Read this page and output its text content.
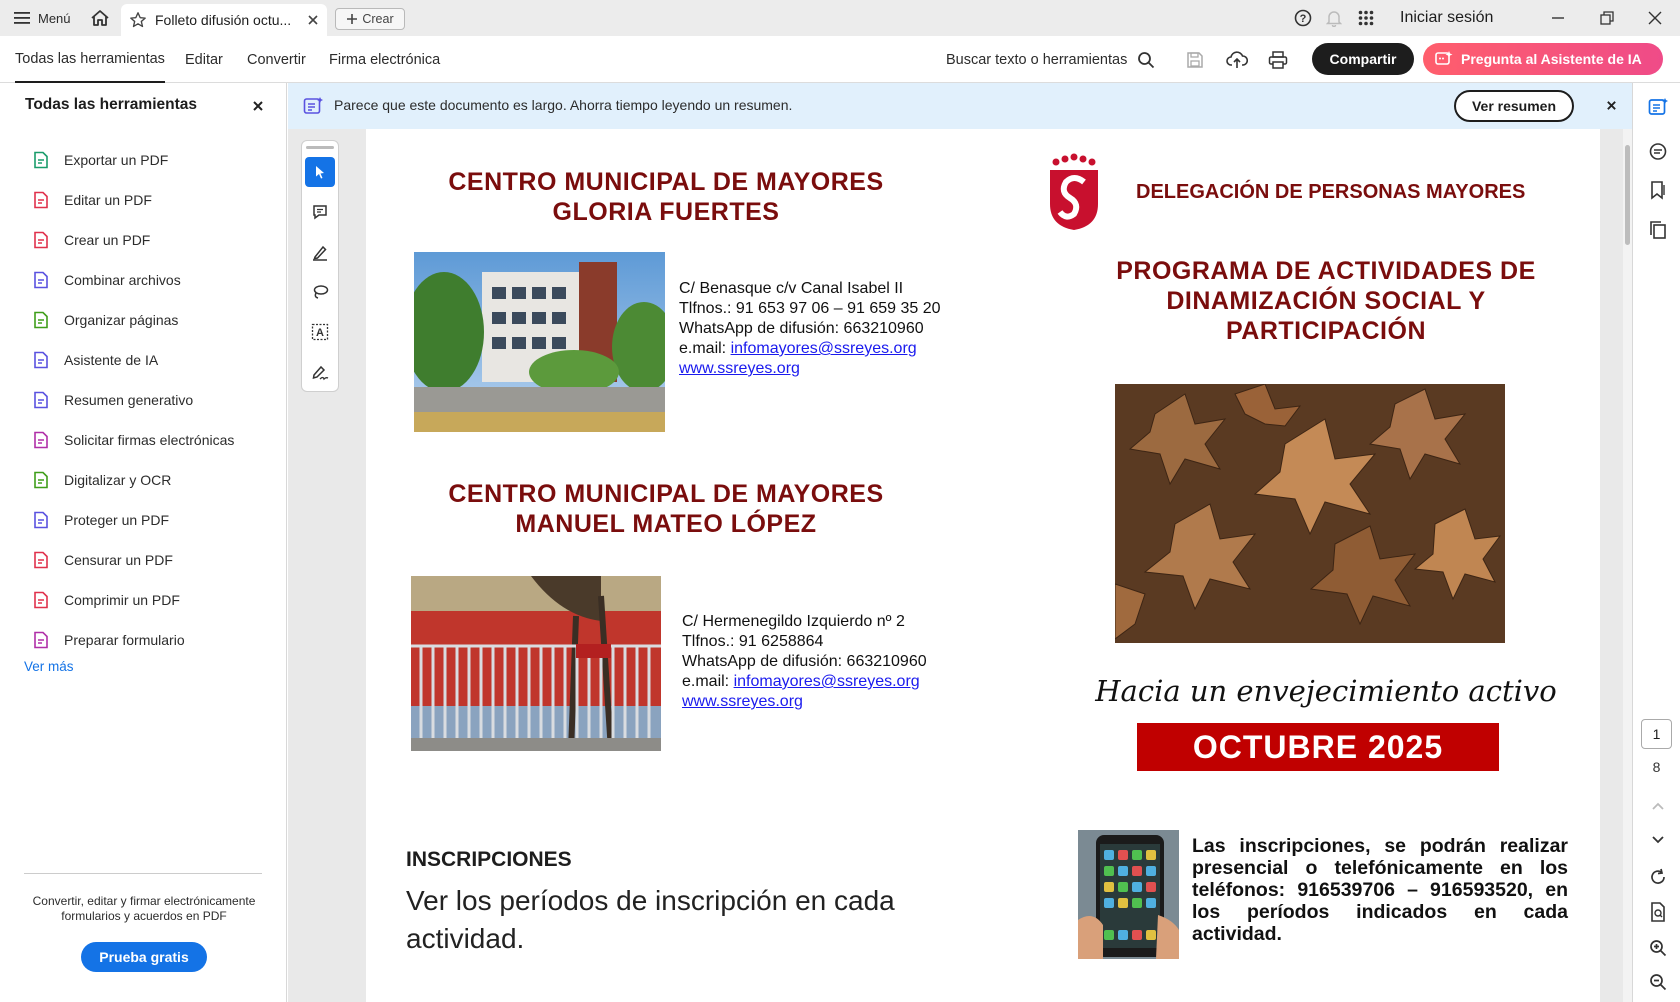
Menú	Folleto difusión octu...	Crear	?	Iniciar sesión
Todas las herramientas Editar Convertir Firma electrónica	Buscar texto o herramientas	Compartir	Pregunta al Asistente de IA
Todas las herramientas
Exportar un PDF
Editar un PDF
Crear un PDF
Combinar archivos
Organizar páginas
Asistente de IA
Resumen generativo
Solicitar firmas electrónicas
Digitalizar y OCR
Proteger un PDF
Censurar un PDF
Comprimir un PDF
Preparar formulario
Ver más
Convertir, editar y firmar electrónicamente formularios y acuerdos en PDF
Prueba gratis
Parece que este documento es largo. Ahorra tiempo leyendo un resumen.	Ver resumen
A
CENTRO MUNICIPAL DE MAYORES
GLORIA FUERTES
C/ Benasque c/v Canal Isabel II
Tlfnos.: 91 653 97 06 – 91 659 35 20
WhatsApp de difusión: 663210960
e.mail: infomayores@ssreyes.org
www.ssreyes.org
CENTRO MUNICIPAL DE MAYORES
MANUEL MATEO LÓPEZ
C/ Hermenegildo Izquierdo nº 2
Tlfnos.: 91 6258864
WhatsApp de difusión: 663210960
e.mail: infomayores@ssreyes.org
www.ssreyes.org
INSCRIPCIONES
Ver los períodos de inscripción en cada actividad.
DELEGACIÓN DE PERSONAS MAYORES
PROGRAMA DE ACTIVIDADES DE
DINAMIZACIÓN SOCIAL Y
PARTICIPACIÓN
Hacia un envejecimiento activo
OCTUBRE 2025
Las inscripciones, se podrán realizar presencial o telefónicamente en los teléfonos: 916539706 – 916593520, en los períodos indicados en cada actividad.
1
8
